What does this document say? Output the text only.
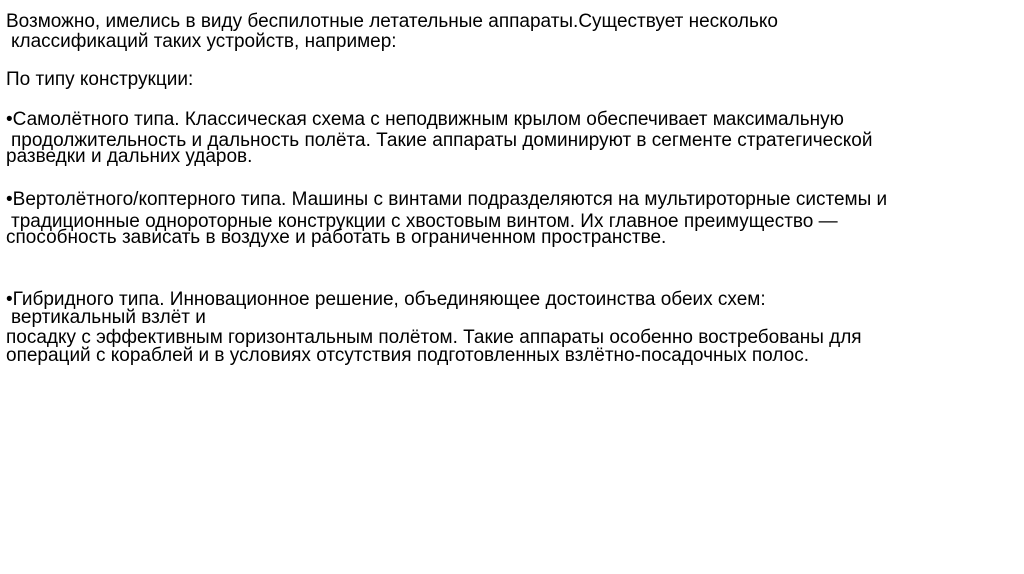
Возможно, имелись в виду беспилотные летательные аппараты.Существует несколько
классификаций таких устройств, например:
По типу конструкции:
•Самолётного типа. Классическая схема с неподвижным крылом обеспечивает максимальную
продолжительность и дальность полёта. Такие аппараты доминируют в сегменте стратегической
разведки и дальних ударов.
•Вертолётного/коптерного типа. Машины с винтами подразделяются на мультироторные системы и
традиционные однороторные конструкции с хвостовым винтом. Их главное преимущество —
способность зависать в воздухе и работать в ограниченном пространстве.
•Гибридного типа. Инновационное решение, объединяющее достоинства обеих схем:
вертикальный взлёт и
посадку с эффективным горизонтальным полётом. Такие аппараты особенно востребованы для
операций с кораблей и в условиях отсутствия подготовленных взлётно-посадочных полос.
